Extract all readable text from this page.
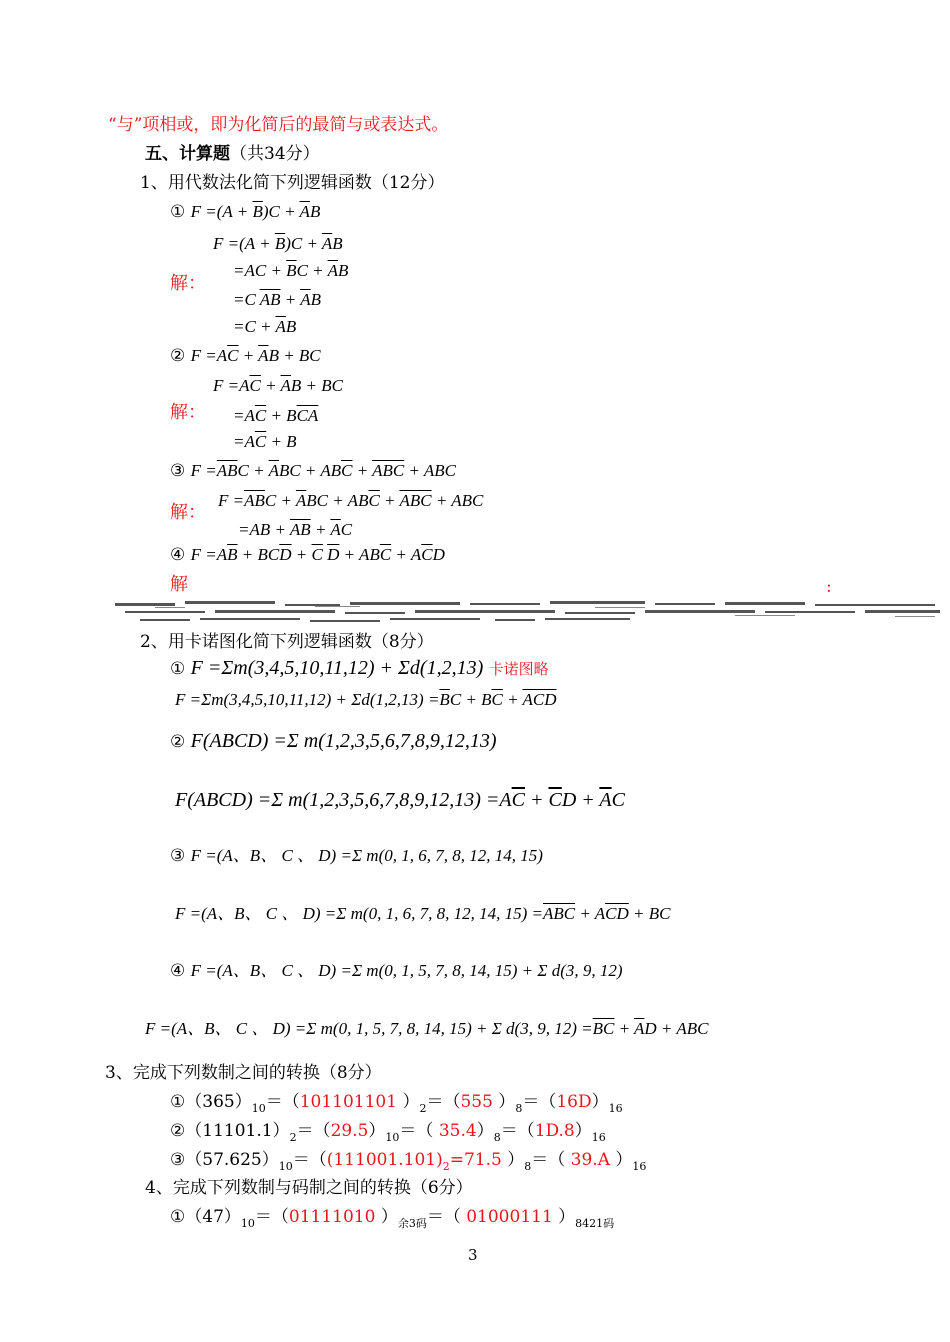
“与”项相或，即为化简后的最简与或表达式。
五、计算题（共34分）
1、用代数法化简下列逻辑函数（12分）
① $F =(A + \overline{B})C + \overline{A}B$
$F =(A + \overline{B})C + \overline{A}B$
$=AC + \overline{B}C + \overline{A}B$
=C AB + $\overline{A}B$
$=C + \overline{A}B$
解：
② $F =A\overline{C} + \overline{A}B$ + BC
$F =A\overline{C} + \overline{A}B$ + BC
$=A\overline{C} + B\overline{CA}$
$=A\overline{C} + B$
解：
③ $F =\overline{AB}C + \overline{A}BC + AB\overline{C} + \overline{ABC}$ + ABC
$F =\overline{AB}C + \overline{A}BC + AB\overline{C} + \overline{ABC}$ + ABC
$=AB + \overline{AB} + \overline{A}C$
解：
④ $F =A\overline{B} + BC\overline{D} + \overline{C}$ $\overline{D} + AB\overline{C} + A\overline{C}D$
解	:
2、用卡诺图化简下列逻辑函数（8分）
① F =Σm(3,4,5,10,11,12) + Σd(1,2,13) 卡诺图略
$F =\Sigma m(3,4,5,10,11,12) + \Sigma d(1,2,13) =\overline{B}C + B\overline{C} + \overline{ACD}$
② F(ABCD) =Σ m(1,2,3,5,6,7,8,9,12,13)
F(ABCD) =Σ $m(1,2,3,5,6,7,8,9,12,13) =A\overline{C} + \overline{C}D + \overline{A}C$
③ F =(A、B、 C 、 D) =Σ m(0, 1, 6, 7, 8, 12, 14, 15)
F =(A、B、 C 、 D) =Σ m(0, 1, 6, 7, 8, 12, 14, $15) =\overline{ABC} + A\overline{CD}$ + BC
④ F =(A、B、 C 、 D) =Σ m(0, 1, 5, 7, 8, 14, 15) + Σ d(3, 9, 12)
F =(A、B、 C 、 D) =Σ m(0, 1, 5, 7, 8, 14, 15) + Σ d(3, 9, $12) =\overline{BC} + \overline{A}D$ + ABC
3、完成下列数制之间的转换（8分）
$①(365)_{10}=(101101101$ ）$_2=(555$ ）$_8=(16D)_{16}$
$②(11101.1)_2=(29.5)_{10}=$（ $35.4)_8=(1D.8)_{16}$
$③(57.625)_{10}=((111001.101)_2=71.5$ ）$_8=$（ 39.A ）$_{16}$
4、完成下列数制与码制之间的转换（6分）
$①(47)_{10}=(01111010$ ）$_{余3码}=$（ 01000111 ）$_{8421码}$
3
